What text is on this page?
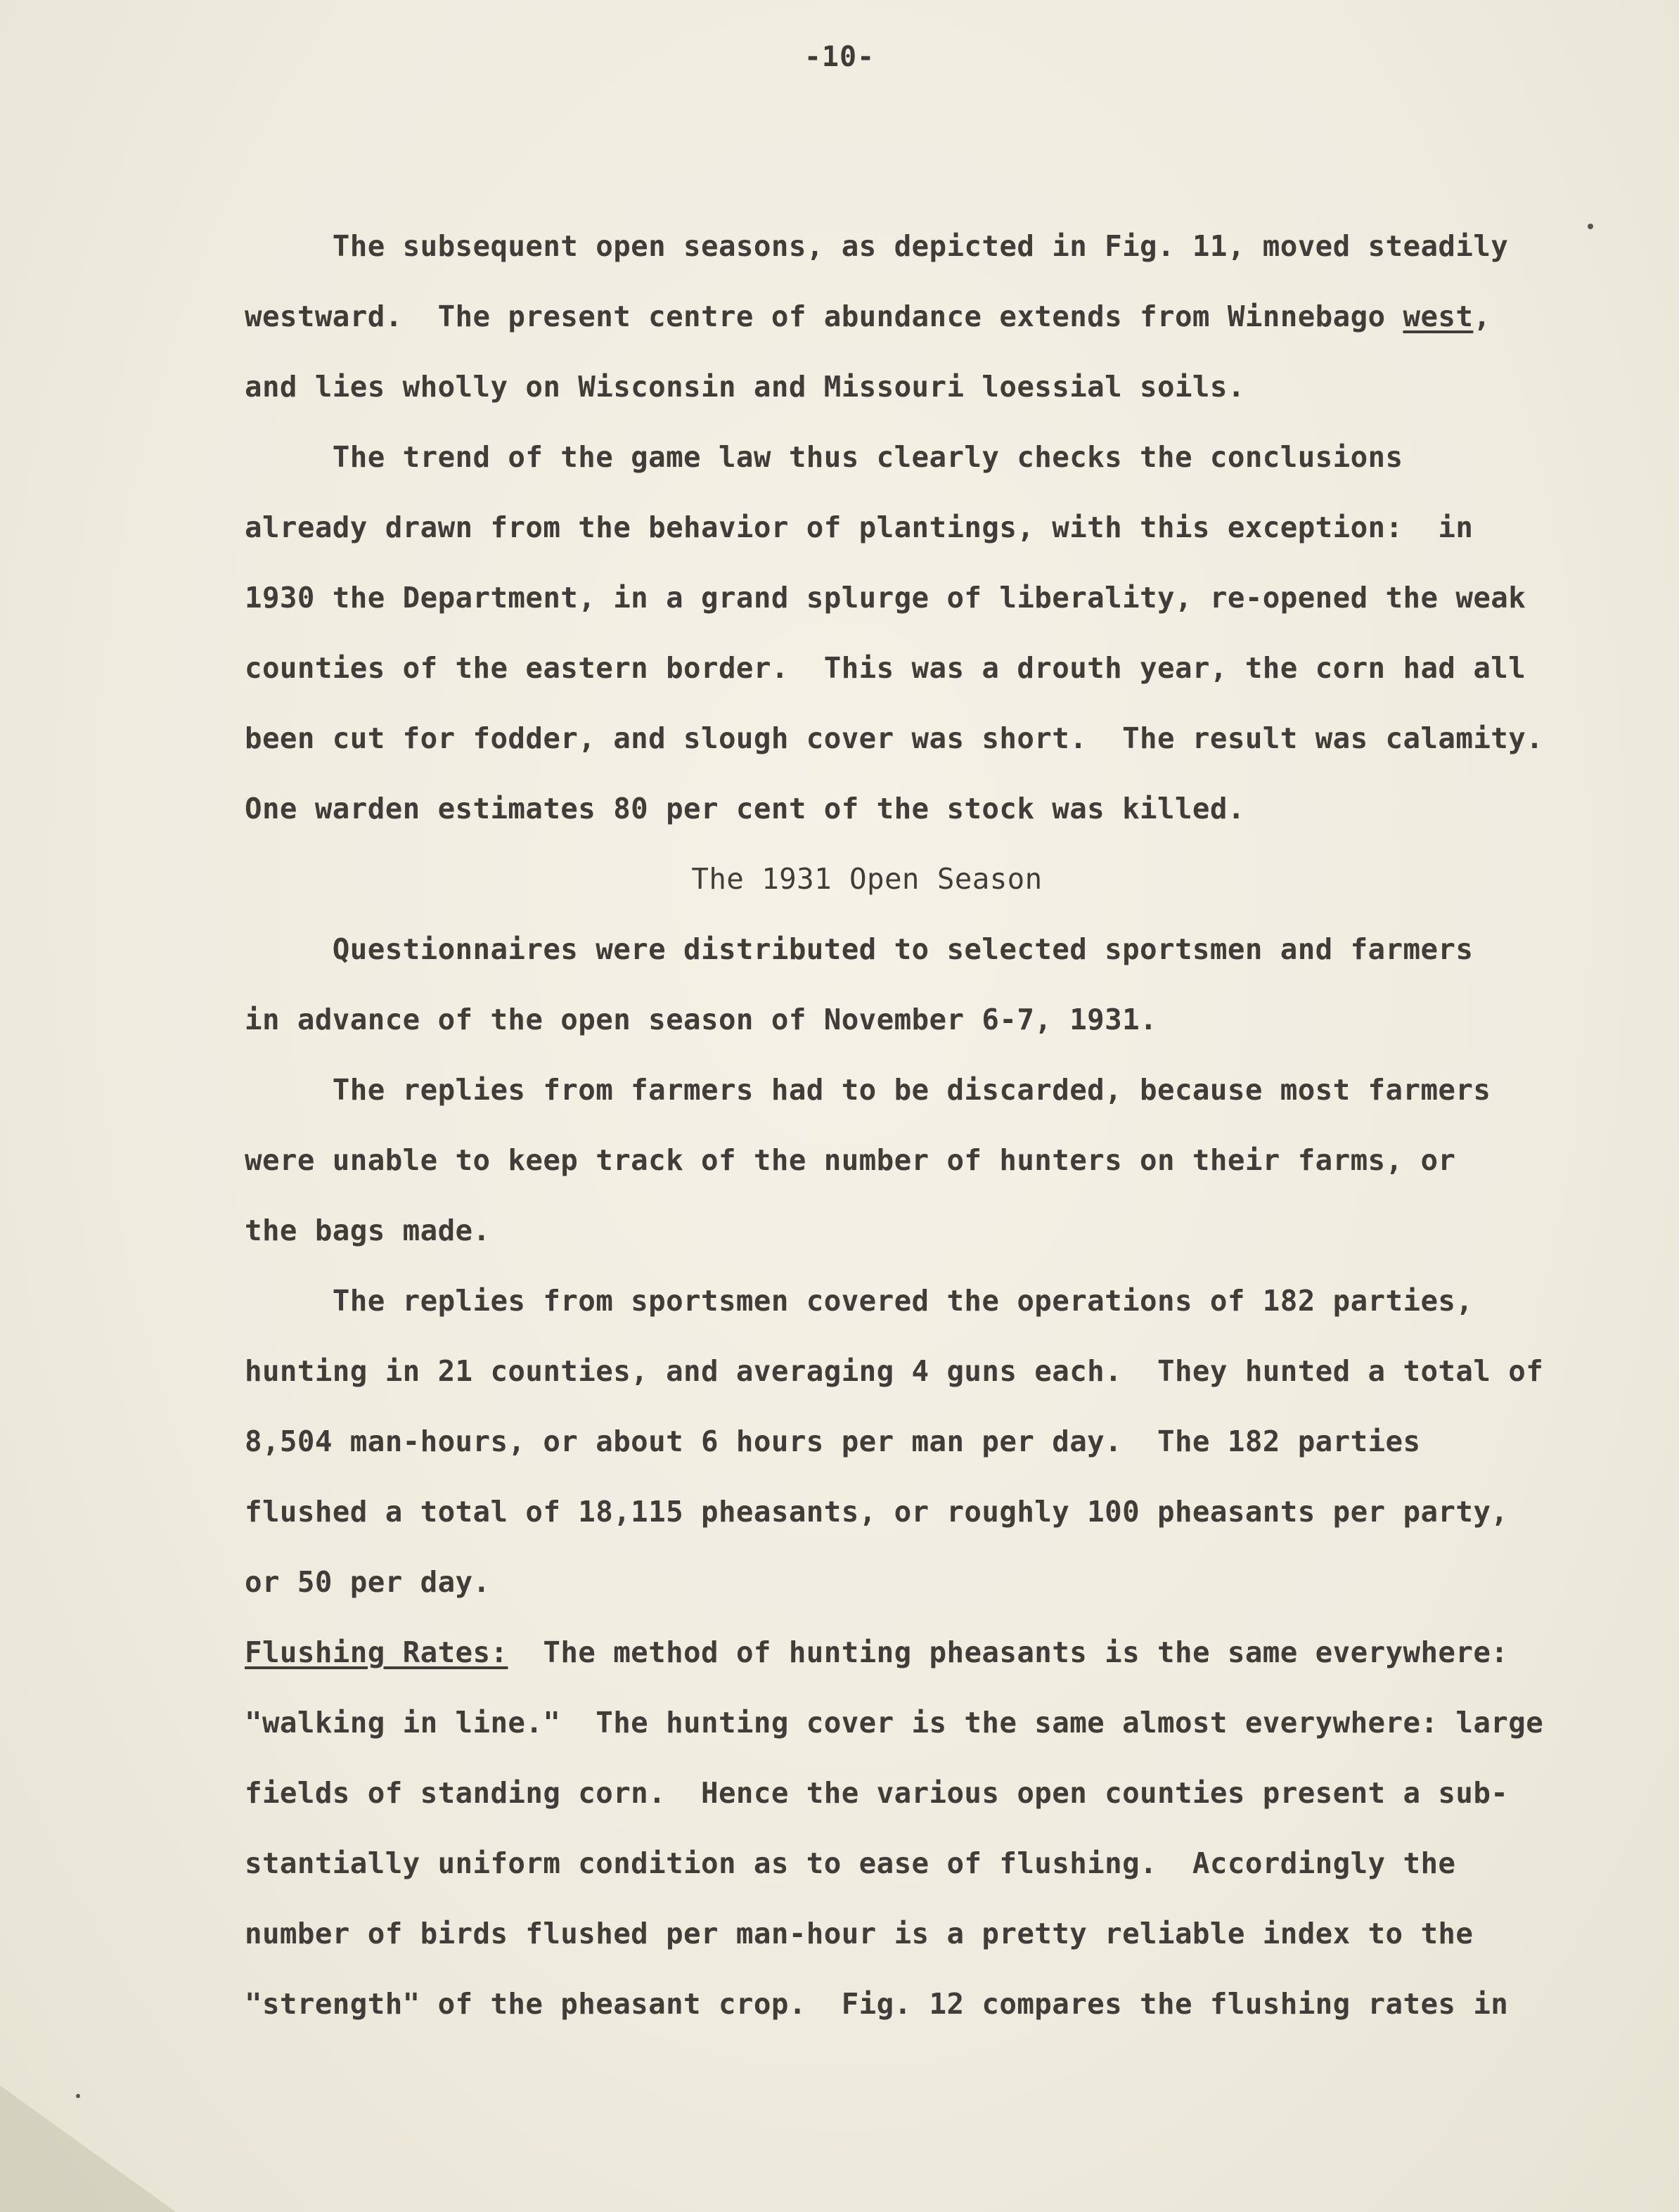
-10-
The subsequent open seasons, as depicted in Fig. 11, moved steadily
westward.  The present centre of abundance extends from Winnebago west,
and lies wholly on Wisconsin and Missouri loessial soils.
The trend of the game law thus clearly checks the conclusions
already drawn from the behavior of plantings, with this exception:  in
1930 the Department, in a grand splurge of liberality, re-opened the weak
counties of the eastern border.  This was a drouth year, the corn had all
been cut for fodder, and slough cover was short.  The result was calamity.
One warden estimates 80 per cent of the stock was killed.
The 1931 Open Season
Questionnaires were distributed to selected sportsmen and farmers
in advance of the open season of November 6-7, 1931.
The replies from farmers had to be discarded, because most farmers
were unable to keep track of the number of hunters on their farms, or
the bags made.
The replies from sportsmen covered the operations of 182 parties,
hunting in 21 counties, and averaging 4 guns each.  They hunted a total of
8,504 man-hours, or about 6 hours per man per day.  The 182 parties
flushed a total of 18,115 pheasants, or roughly 100 pheasants per party,
or 50 per day.
Flushing Rates:  The method of hunting pheasants is the same everywhere:
"walking in line."  The hunting cover is the same almost everywhere: large
fields of standing corn.  Hence the various open counties present a sub-
stantially uniform condition as to ease of flushing.  Accordingly the
number of birds flushed per man-hour is a pretty reliable index to the
"strength" of the pheasant crop.  Fig. 12 compares the flushing rates in
